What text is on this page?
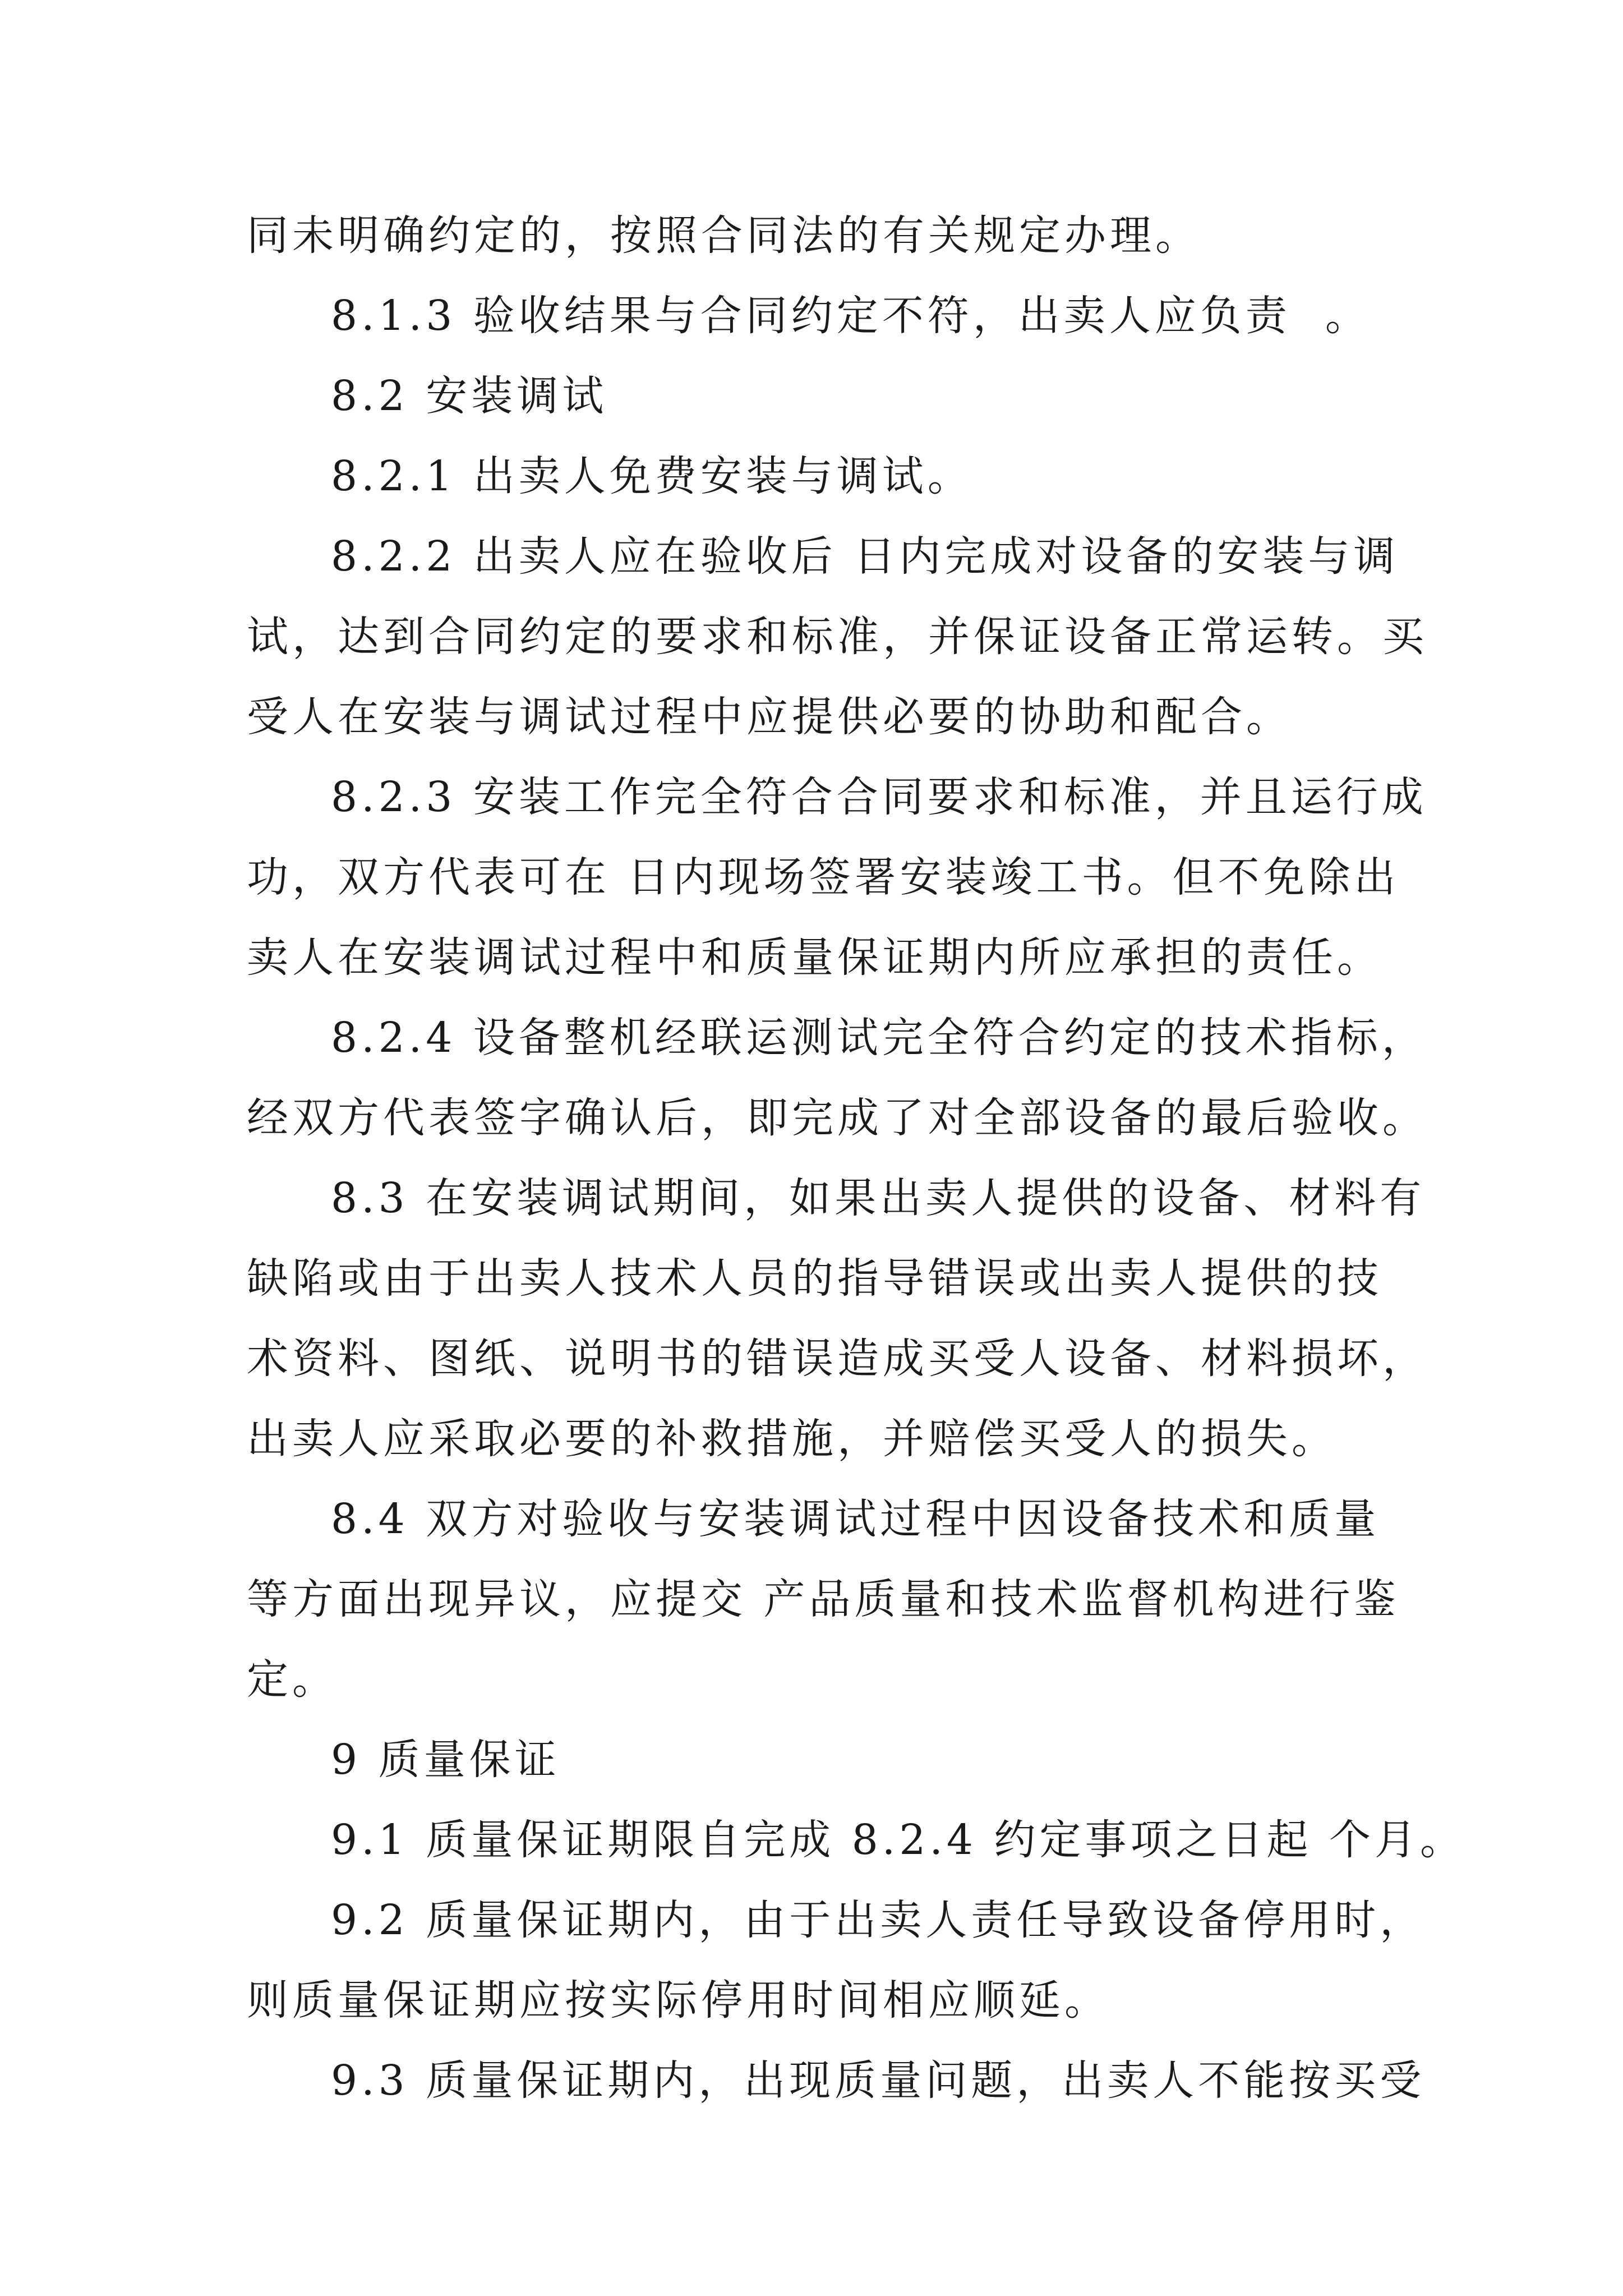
同未明确约定的，按照合同法的有关规定办理。
8.1.3 验收结果与合同约定不符，出卖人应负责  。
8.2 安装调试
8.2.1 出卖人免费安装与调试。
8.2.2 出卖人应在验收后 日内完成对设备的安装与调
试，达到合同约定的要求和标准，并保证设备正常运转。买
受人在安装与调试过程中应提供必要的协助和配合。
8.2.3 安装工作完全符合合同要求和标准，并且运行成
功，双方代表可在 日内现场签署安装竣工书。但不免除出
卖人在安装调试过程中和质量保证期内所应承担的责任。
8.2.4 设备整机经联运测试完全符合约定的技术指标，
经双方代表签字确认后，即完成了对全部设备的最后验收。
8.3 在安装调试期间，如果出卖人提供的设备、材料有
缺陷或由于出卖人技术人员的指导错误或出卖人提供的技
术资料、图纸、说明书的错误造成买受人设备、材料损坏，
出卖人应采取必要的补救措施，并赔偿买受人的损失。
8.4 双方对验收与安装调试过程中因设备技术和质量
等方面出现异议，应提交 产品质量和技术监督机构进行鉴
定。
9 质量保证
9.1 质量保证期限自完成 8.2.4 约定事项之日起 个月。
9.2 质量保证期内，由于出卖人责任导致设备停用时，
则质量保证期应按实际停用时间相应顺延。
9.3 质量保证期内，出现质量问题，出卖人不能按买受
